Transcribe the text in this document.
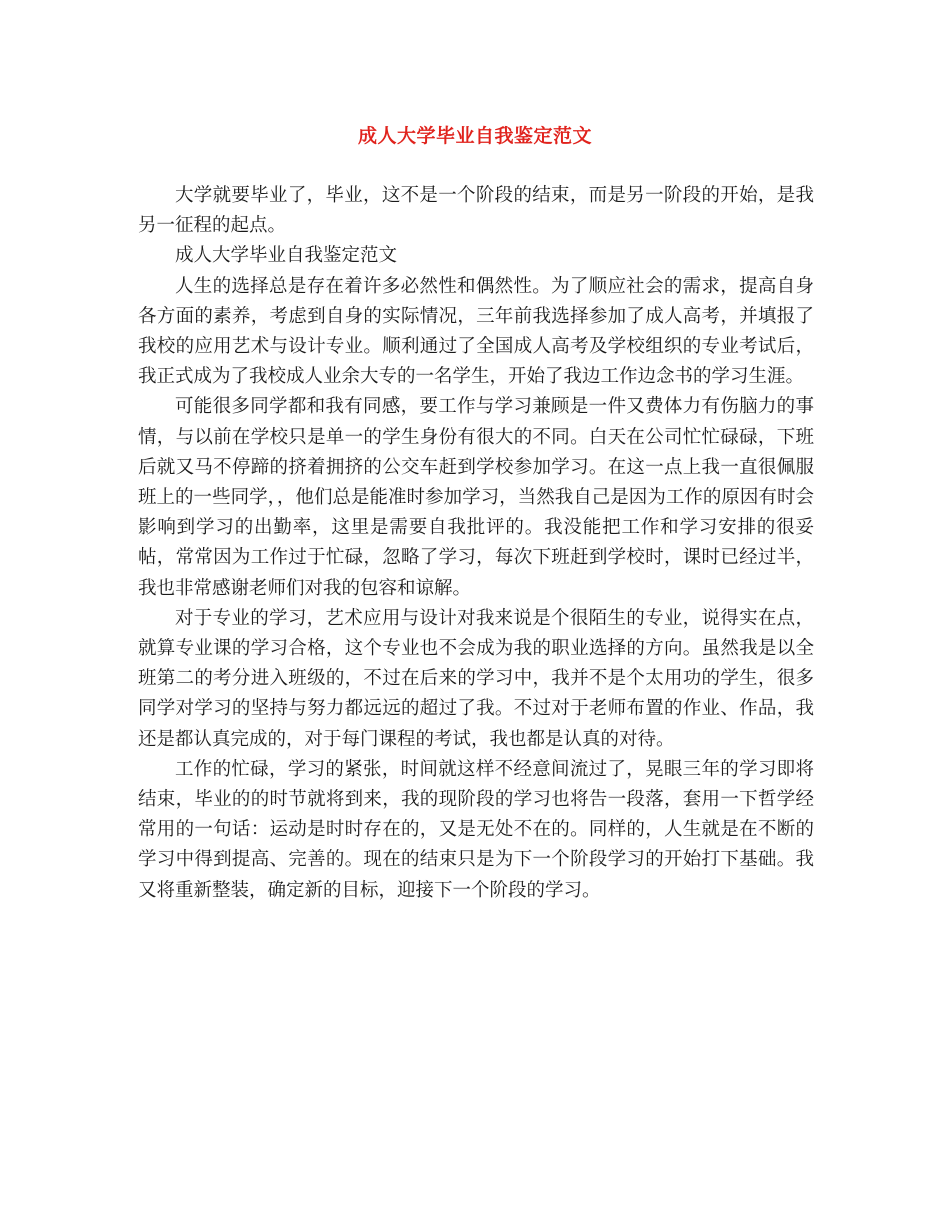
成人大学毕业自我鉴定范文

大学就要毕业了，毕业，这不是一个阶段的结束，而是另一阶段的开始，是我另一征程的起点。

成人大学毕业自我鉴定范文

人生的选择总是存在着许多必然性和偶然性。为了顺应社会的需求，提高自身各方面的素养，考虑到自身的实际情况，三年前我选择参加了成人高考，并填报了我校的应用艺术与设计专业。顺利通过了全国成人高考及学校组织的专业考试后，我正式成为了我校成人业余大专的一名学生，开始了我边工作边念书的学习生涯。

可能很多同学都和我有同感，要工作与学习兼顾是一件又费体力有伤脑力的事情，与以前在学校只是单一的学生身份有很大的不同。白天在公司忙忙碌碌，下班后就又马不停蹄的挤着拥挤的公交车赶到学校参加学习。在这一点上我一直很佩服班上的一些同学，，他们总是能准时参加学习，当然我自己是因为工作的原因有时会影响到学习的出勤率，这里是需要自我批评的。我没能把工作和学习安排的很妥帖，常常因为工作过于忙碌，忽略了学习，每次下班赶到学校时，课时已经过半，我也非常感谢老师们对我的包容和谅解。

对于专业的学习，艺术应用与设计对我来说是个很陌生的专业，说得实在点，就算专业课的学习合格，这个专业也不会成为我的职业选择的方向。虽然我是以全班第二的考分进入班级的，不过在后来的学习中，我并不是个太用功的学生，很多同学对学习的坚持与努力都远远的超过了我。不过对于老师布置的作业、作品，我还是都认真完成的，对于每门课程的考试，我也都是认真的对待。

工作的忙碌，学习的紧张，时间就这样不经意间流过了，晃眼三年的学习即将结束，毕业的的时节就将到来，我的现阶段的学习也将告一段落，套用一下哲学经常用的一句话：运动是时时存在的，又是无处不在的。同样的，人生就是在不断的学习中得到提高、完善的。现在的结束只是为下一个阶段学习的开始打下基础。我又将重新整装，确定新的目标，迎接下一个阶段的学习。
